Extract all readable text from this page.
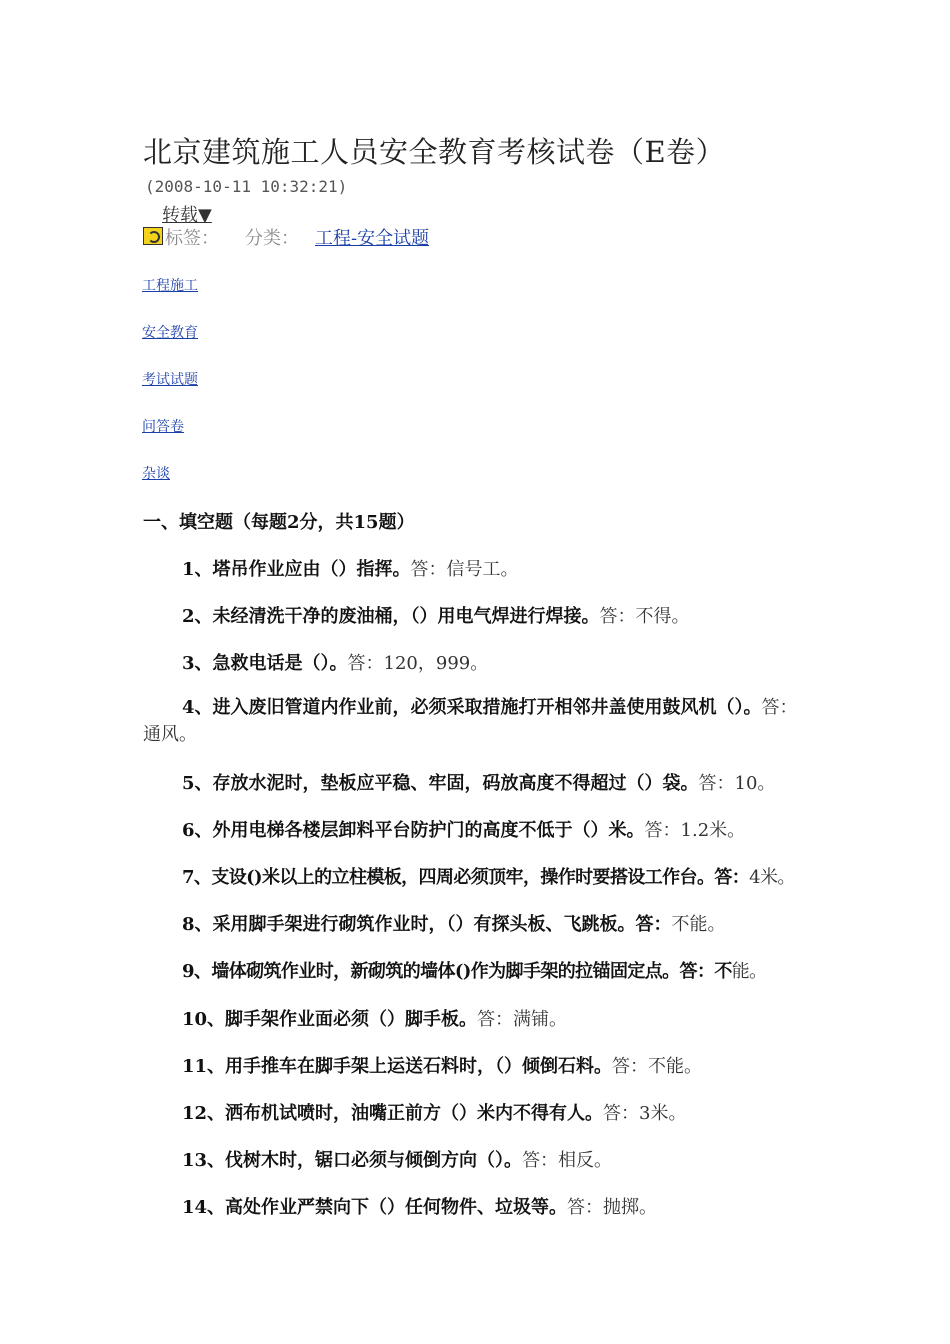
北京建筑施工人员安全教育考核试卷（E卷）
(2008-10-11 10:32:21)
转载▼
标签： 分类： 工程-安全试题
工程施工
安全教育
考试试题
问答卷
杂谈
一、填空题（每题2分，共15题）
1、塔吊作业应由（）指挥。答：信号工。
2、未经清洗干净的废油桶，（）用电气焊进行焊接。答：不得。
3、急救电话是（）。答：120，999。
4、进入废旧管道内作业前，必须采取措施打开相邻井盖使用鼓风机（）。答：通风。
5、存放水泥时，垫板应平稳、牢固，码放高度不得超过（）袋。答：10。
6、外用电梯各楼层卸料平台防护门的高度不低于（）米。答：1.2米。
7、支设()米以上的立柱模板，四周必须顶牢，操作时要搭设工作台。答：4米。
8、采用脚手架进行砌筑作业时，（）有探头板、飞跳板。答：不能。
9、墙体砌筑作业时，新砌筑的墙体()作为脚手架的拉锚固定点。答：不能。
10、脚手架作业面必须（）脚手板。答：满铺。
11、用手推车在脚手架上运送石料时，（）倾倒石料。答：不能。
12、洒布机试喷时，油嘴正前方（）米内不得有人。答：3米。
13、伐树木时，锯口必须与倾倒方向（）。答：相反。
14、高处作业严禁向下（）任何物件、垃圾等。答：抛掷。
